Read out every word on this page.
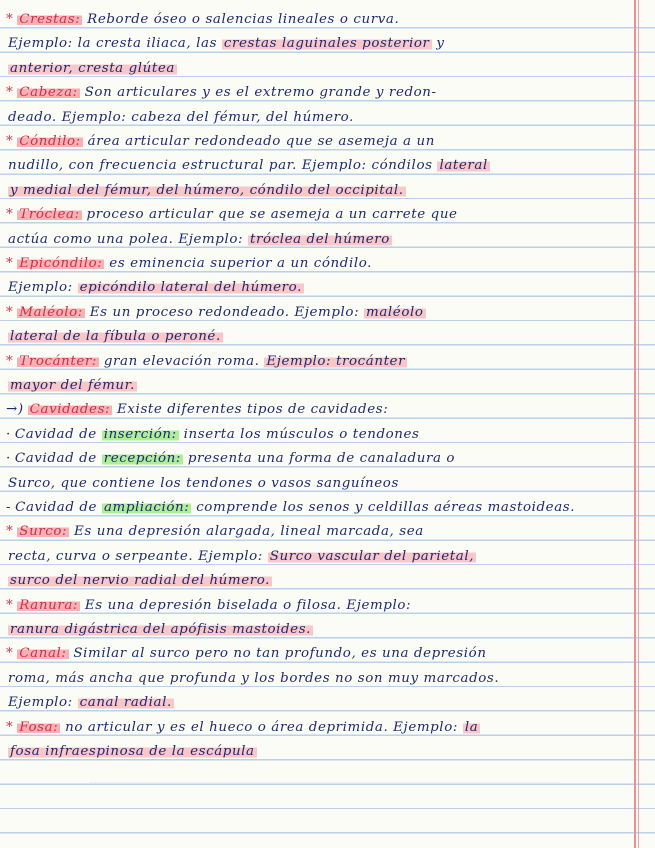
* Crestas: Reborde óseo o salencias lineales o curva.
Ejemplo: la cresta iliaca, las crestas laguinales posterior y
anterior, cresta glútea
* Cabeza: Son articulares y es el extremo grande y redon-
deado. Ejemplo: cabeza del fémur, del húmero.
* Cóndilo: área articular redondeado que se asemeja a un
nudillo, con frecuencia estructural par. Ejemplo: cóndilos lateral
y medial del fémur, del húmero, cóndilo del occipital.
* Tróclea: proceso articular que se asemeja a un carrete que
actúa como una polea. Ejemplo: tróclea del húmero
* Epicóndilo: es eminencia superior a un cóndilo.
Ejemplo: epicóndilo lateral del húmero.
* Maléolo: Es un proceso redondeado. Ejemplo: maléolo
lateral de la fíbula o peroné.
* Trocánter: gran elevación roma. Ejemplo: trocánter
mayor del fémur.
→) Cavidades: Existe diferentes tipos de cavidades:
· Cavidad de inserción: inserta los músculos o tendones
· Cavidad de recepción: presenta una forma de canaladura o
Surco, que contiene los tendones o vasos sanguíneos
- Cavidad de ampliación: comprende los senos y celdillas aéreas mastoideas.
* Surco: Es una depresión alargada, lineal marcada, sea
recta, curva o serpeante. Ejemplo: Surco vascular del parietal,
surco del nervio radial del húmero.
* Ranura: Es una depresión biselada o filosa. Ejemplo:
ranura digástrica del apófisis mastoides.
* Canal: Similar al surco pero no tan profundo, es una depresión
roma, más ancha que profunda y los bordes no son muy marcados.
Ejemplo: canal radial.
* Fosa: no articular y es el hueco o área deprimida. Ejemplo: la
fosa infraespinosa de la escápula
